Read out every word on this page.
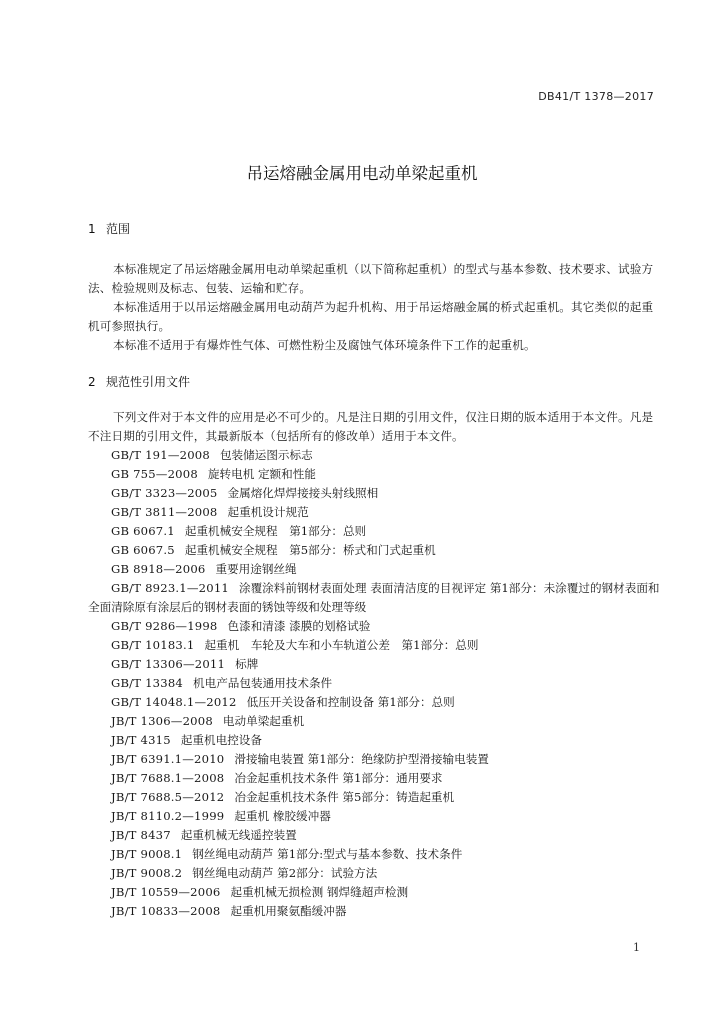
DB41/T 1378—2017
吊运熔融金属用电动单梁起重机
1 范围
本标准规定了吊运熔融金属用电动单梁起重机（以下简称起重机）的型式与基本参数、技术要求、试验方法、检验规则及标志、包装、运输和贮存。
本标准适用于以吊运熔融金属用电动葫芦为起升机构、用于吊运熔融金属的桥式起重机。其它类似的起重机可参照执行。
本标准不适用于有爆炸性气体、可燃性粉尘及腐蚀气体环境条件下工作的起重机。
2 规范性引用文件
下列文件对于本文件的应用是必不可少的。凡是注日期的引用文件，仅注日期的版本适用于本文件。凡是不注日期的引用文件，其最新版本（包括所有的修改单）适用于本文件。
GB/T 191—2008 包装储运图示标志
GB 755—2008 旋转电机 定额和性能
GB/T 3323—2005 金属熔化焊焊接接头射线照相
GB/T 3811—2008 起重机设计规范
GB 6067.1 起重机械安全规程　第1部分：总则
GB 6067.5 起重机械安全规程　第5部分：桥式和门式起重机
GB 8918—2006 重要用途钢丝绳
GB/T 8923.1—2011 涂覆涂料前钢材表面处理 表面清洁度的目视评定 第1部分：未涂覆过的钢材表面和全面清除原有涂层后的钢材表面的锈蚀等级和处理等级
GB/T 9286—1998 色漆和清漆 漆膜的划格试验
GB/T 10183.1 起重机　车轮及大车和小车轨道公差　第1部分：总则
GB/T 13306—2011 标牌
GB/T 13384 机电产品包装通用技术条件
GB/T 14048.1—2012 低压开关设备和控制设备 第1部分：总则
JB/T 1306—2008 电动单梁起重机
JB/T 4315 起重机电控设备
JB/T 6391.1—2010 滑接输电装置 第1部分：绝缘防护型滑接输电装置
JB/T 7688.1—2008 冶金起重机技术条件 第1部分：通用要求
JB/T 7688.5—2012 冶金起重机技术条件 第5部分：铸造起重机
JB/T 8110.2—1999 起重机 橡胶缓冲器
JB/T 8437 起重机械无线遥控装置
JB/T 9008.1 钢丝绳电动葫芦 第1部分:型式与基本参数、技术条件
JB/T 9008.2 钢丝绳电动葫芦 第2部分：试验方法
JB/T 10559—2006 起重机械无损检测 钢焊缝超声检测
JB/T 10833—2008 起重机用聚氨酯缓冲器
1
